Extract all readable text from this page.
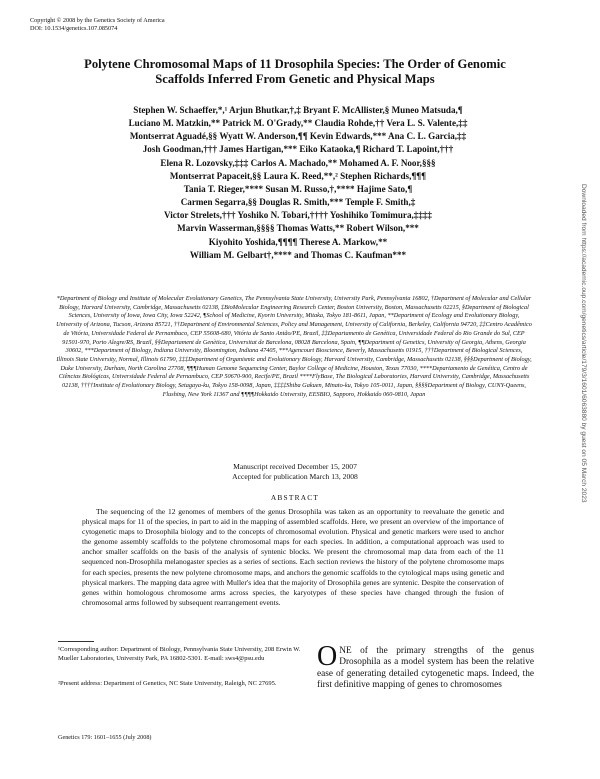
Copyright © 2008 by the Genetics Society of America
DOI: 10.1534/genetics.107.085074
Polytene Chromosomal Maps of 11 Drosophila Species: The Order of Genomic Scaffolds Inferred From Genetic and Physical Maps
Stephen W. Schaeffer,*,¹ Arjun Bhutkar,†,‡ Bryant F. McAllister,§ Muneo Matsuda,¶
Luciano M. Matzkin,** Patrick M. O'Grady,** Claudia Rohde,†† Vera L. S. Valente,‡‡
Montserrat Aguadé,§§ Wyatt W. Anderson,¶¶ Kevin Edwards,*** Ana C. L. Garcia,‡‡
Josh Goodman,††† James Hartigan,*** Eiko Kataoka,¶ Richard T. Lapoint,†††
Elena R. Lozovsky,‡‡‡ Carlos A. Machado,** Mohamed A. F. Noor,§§§
Montserrat Papaceit,§§ Laura K. Reed,**,² Stephen Richards,¶¶¶
Tania T. Rieger,**** Susan M. Russo,†,**** Hajime Sato,¶
Carmen Segarra,§§ Douglas R. Smith,*** Temple F. Smith,‡
Victor Strelets,††† Yoshiko N. Tobari,†††† Yoshihiko Tomimura,‡‡‡‡
Marvin Wasserman,§§§§ Thomas Watts,** Robert Wilson,***
Kiyohito Yoshida,¶¶¶¶ Therese A. Markow,**
William M. Gelbart†,**** and Thomas C. Kaufman***
*Department of Biology and Institute of Molecular Evolutionary Genetics, The Pennsylvania State University, University Park, Pennsylvania 16802, †Department of Molecular and Cellular Biology, Harvard University, Cambridge, Massachusetts 02138, ‡BioMolecular Engineering Research Center, Boston University, Boston, Massachusetts 02215, §Department of Biological Sciences, University of Iowa, Iowa City, Iowa 52242, ¶School of Medicine, Kyorin University, Mitaka, Tokyo 181-8611, Japan, **Department of Ecology and Evolutionary Biology, University of Arizona, Tucson, Arizona 85721, ††Department of Environmental Sciences, Policy and Management, University of California, Berkeley, California 94720, ‡‡Centro Acadêmico de Vitória, Universidade Federal de Pernambuco, CEP 55608-680, Vitória de Santo Antão/PE, Brazil, ‡‡Departamento de Genética, Universidade Federal do Rio Grande do Sul, CEP 91501-970, Porto Alegre/RS, Brazil, §§Departament de Genètica, Universitat de Barcelona, 08028 Barcelona, Spain, ¶¶Department of Genetics, University of Georgia, Athens, Georgia 30602, ***Department of Biology, Indiana University, Bloomington, Indiana 47405, ***Agencourt Bioscience, Beverly, Massachusetts 01915, †††Department of Biological Sciences, Illinois State University, Normal, Illinois 61790, ‡‡‡Department of Organismic and Evolutionary Biology, Harvard University, Cambridge, Massachusetts 02138, §§§Department of Biology, Duke University, Durham, North Carolina 27708, ¶¶¶Human Genome Sequencing Center, Baylor College of Medicine, Houston, Texas 77030, ****Departamento de Genética, Centro de Ciências Biológicas, Universidade Federal de Pernambuco, CEP 50670-900, Recife/PE, Brazil ****FlyBase, The Biological Laboratories, Harvard University, Cambridge, Massachusetts 02138, ††††Institute of Evolutionary Biology, Setagaya-ku, Tokyo 158-0098, Japan, ‡‡‡‡Shiba Gakuen, Minato-ku, Tokyo 105-0011, Japan, §§§§Department of Biology, CUNY-Queens, Flushing, New York 11367 and ¶¶¶¶Hokkaido University, EESBIO, Sapporo, Hokkaido 060-0810, Japan
Manuscript received December 15, 2007
Accepted for publication March 13, 2008
ABSTRACT
The sequencing of the 12 genomes of members of the genus Drosophila was taken as an opportunity to reevaluate the genetic and physical maps for 11 of the species, in part to aid in the mapping of assembled scaffolds. Here, we present an overview of the importance of cytogenetic maps to Drosophila biology and to the concepts of chromosomal evolution. Physical and genetic markers were used to anchor the genome assembly scaffolds to the polytene chromosomal maps for each species. In addition, a computational approach was used to anchor smaller scaffolds on the basis of the analysis of syntenic blocks. We present the chromosomal map data from each of the 11 sequenced non-Drosophila melanogaster species as a series of sections. Each section reviews the history of the polytene chromosome maps for each species, presents the new polytene chromosome maps, and anchors the genomic scaffolds to the cytological maps using genetic and physical markers. The mapping data agree with Muller's idea that the majority of Drosophila genes are syntenic. Despite the conservation of genes within homologous chromosome arms across species, the karyotypes of these species have changed through the fusion of chromosomal arms followed by subsequent rearrangement events.
¹Corresponding author: Department of Biology, Pennsylvania State University, 208 Erwin W. Mueller Laboratories, University Park, PA 16802-5301. E-mail: sws4@psu.edu
²Present address: Department of Genetics, NC State University, Raleigh, NC 27695.
ONE of the primary strengths of the genus Drosophila as a model system has been the relative ease of generating detailed cytogenetic maps. Indeed, the first definitive mapping of genes to chromosomes
Genetics 179: 1601–1655 (July 2008)
Downloaded from https://academic.oup.com/genetics/article/179/3/1601/6063880 by guest on 05 March 2023
